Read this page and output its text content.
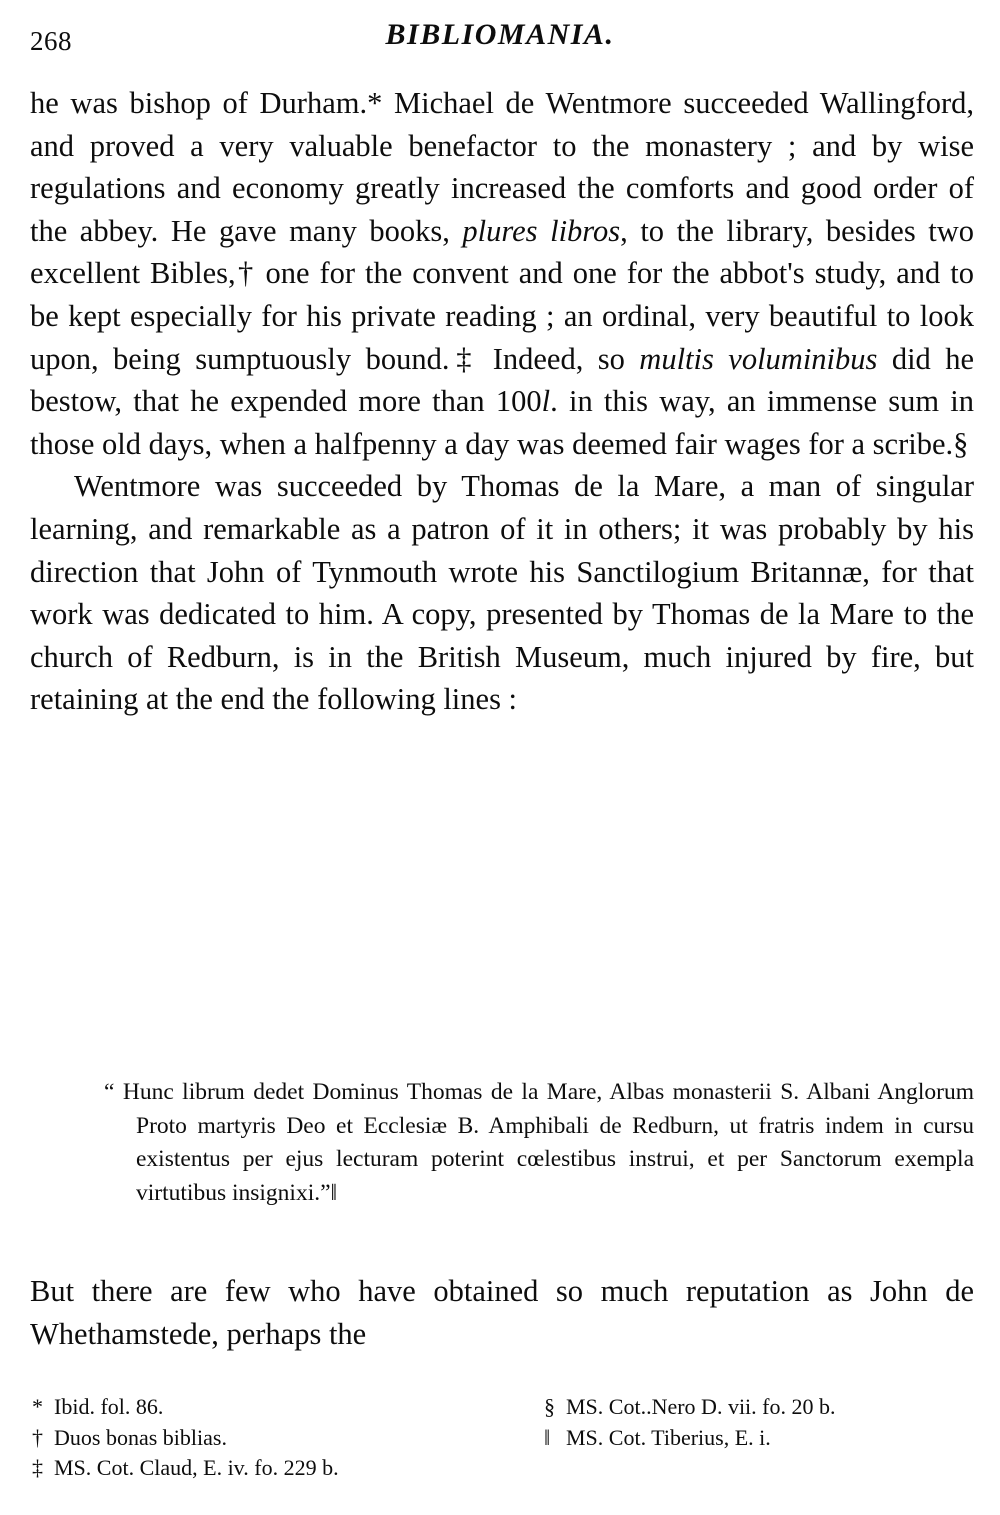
268	BIBLIOMANIA.

he was bishop of Durham.* Michael de Wentmore succeeded Wallingford, and proved a very valuable benefactor to the monastery ; and by wise regulations and economy greatly increased the comforts and good order of the abbey. He gave many books, plures libros, to the library, besides two excellent Bibles,† one for the convent and one for the abbot's study, and to be kept especially for his private reading ; an ordinal, very beautiful to look upon, being sumptuously bound.‡ Indeed, so multis voluminibus did he bestow, that he expended more than 100l. in this way, an immense sum in those old days, when a halfpenny a day was deemed fair wages for a scribe.§

Wentmore was succeeded by Thomas de la Mare, a man of singular learning, and remarkable as a patron of it in others; it was probably by his direction that John of Tynmouth wrote his Sanctilogium Britannæ, for that work was dedicated to him. A copy, presented by Thomas de la Mare to the church of Redburn, is in the British Museum, much injured by fire, but retaining at the end the following lines :

“ Hunc librum dedet Dominus Thomas de la Mare, Albas monasterii S. Albani Anglorum Proto martyris Deo et Ecclesiæ B. Amphibali de Redburn, ut fratris indem in cursu existentus per ejus lecturam poterint cœlestibus instrui, et per Sanctorum exempla virtutibus insignixi.”‖

But there are few who have obtained so much reputation as John de Whethamstede, perhaps the

* Ibid. fol. 86.
† Duos bonas biblias.
‡ MS. Cot. Claud, E. iv. fo. 229 b.
§ MS. Cot..Nero D. vii. fo. 20 b.
‖ MS. Cot. Tiberius, E. i.
